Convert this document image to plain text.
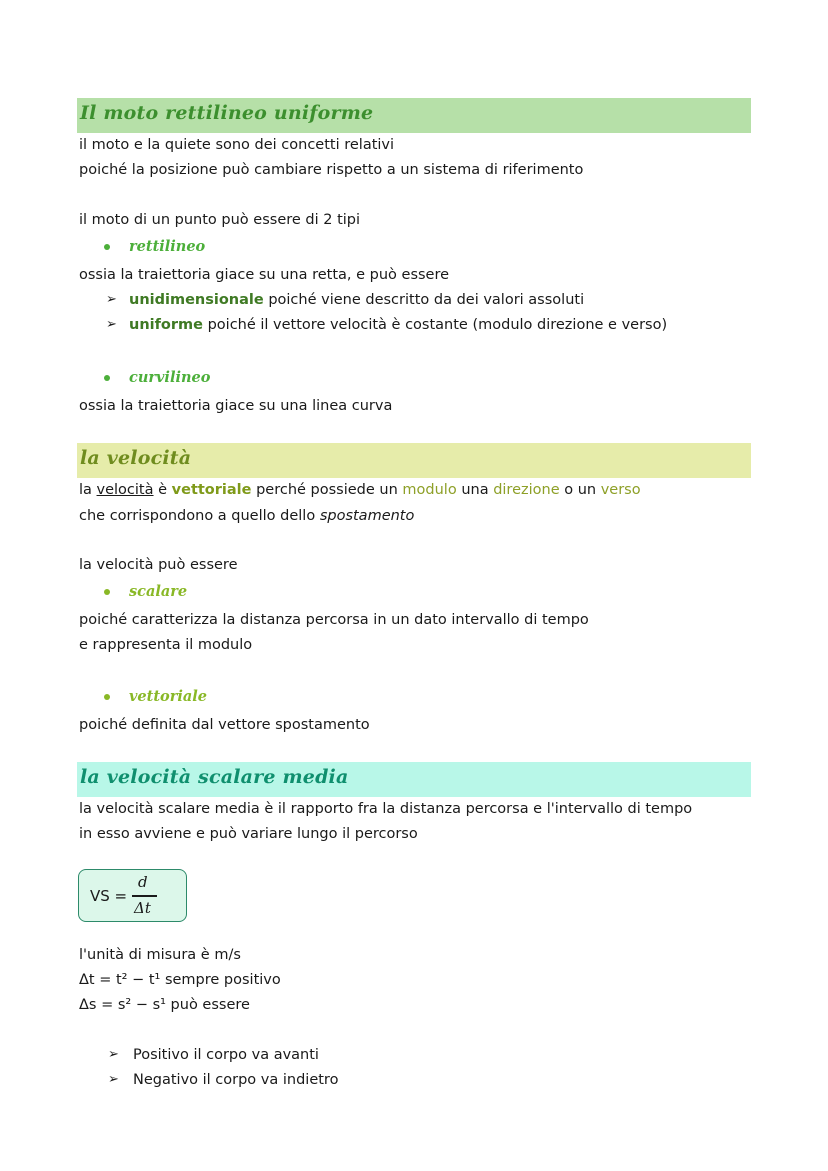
Il moto rettilineo uniforme
il moto e la quiete sono dei concetti relativi
poiché la posizione può cambiare rispetto a un sistema di riferimento
il moto di un punto può essere di 2 tipi
rettilineo
ossia la traiettoria giace su una retta, e può essere
➢ unidimensionale poiché viene descritto da dei valori assoluti
➢ uniforme poiché il vettore velocità è costante (modulo direzione e verso)
curvilineo
ossia la traiettoria giace su una linea curva
la velocità
la velocità è vettoriale perché possiede un modulo una direzione o un verso
che corrispondono a quello dello spostamento
la velocità può essere
scalare
poiché caratterizza la distanza percorsa in un dato intervallo di tempo
e rappresenta il modulo
vettoriale
poiché definita dal vettore spostamento
la velocità scalare media
la velocità scalare media è il rapporto fra la distanza percorsa e l'intervallo di tempo
in esso avviene e può variare lungo il percorso
VS =
d
Δt
l'unità di misura è m/s
Δt = t² − t¹ sempre positivo
Δs = s² − s¹ può essere
➢ Positivo il corpo va avanti
➢ Negativo il corpo va indietro
